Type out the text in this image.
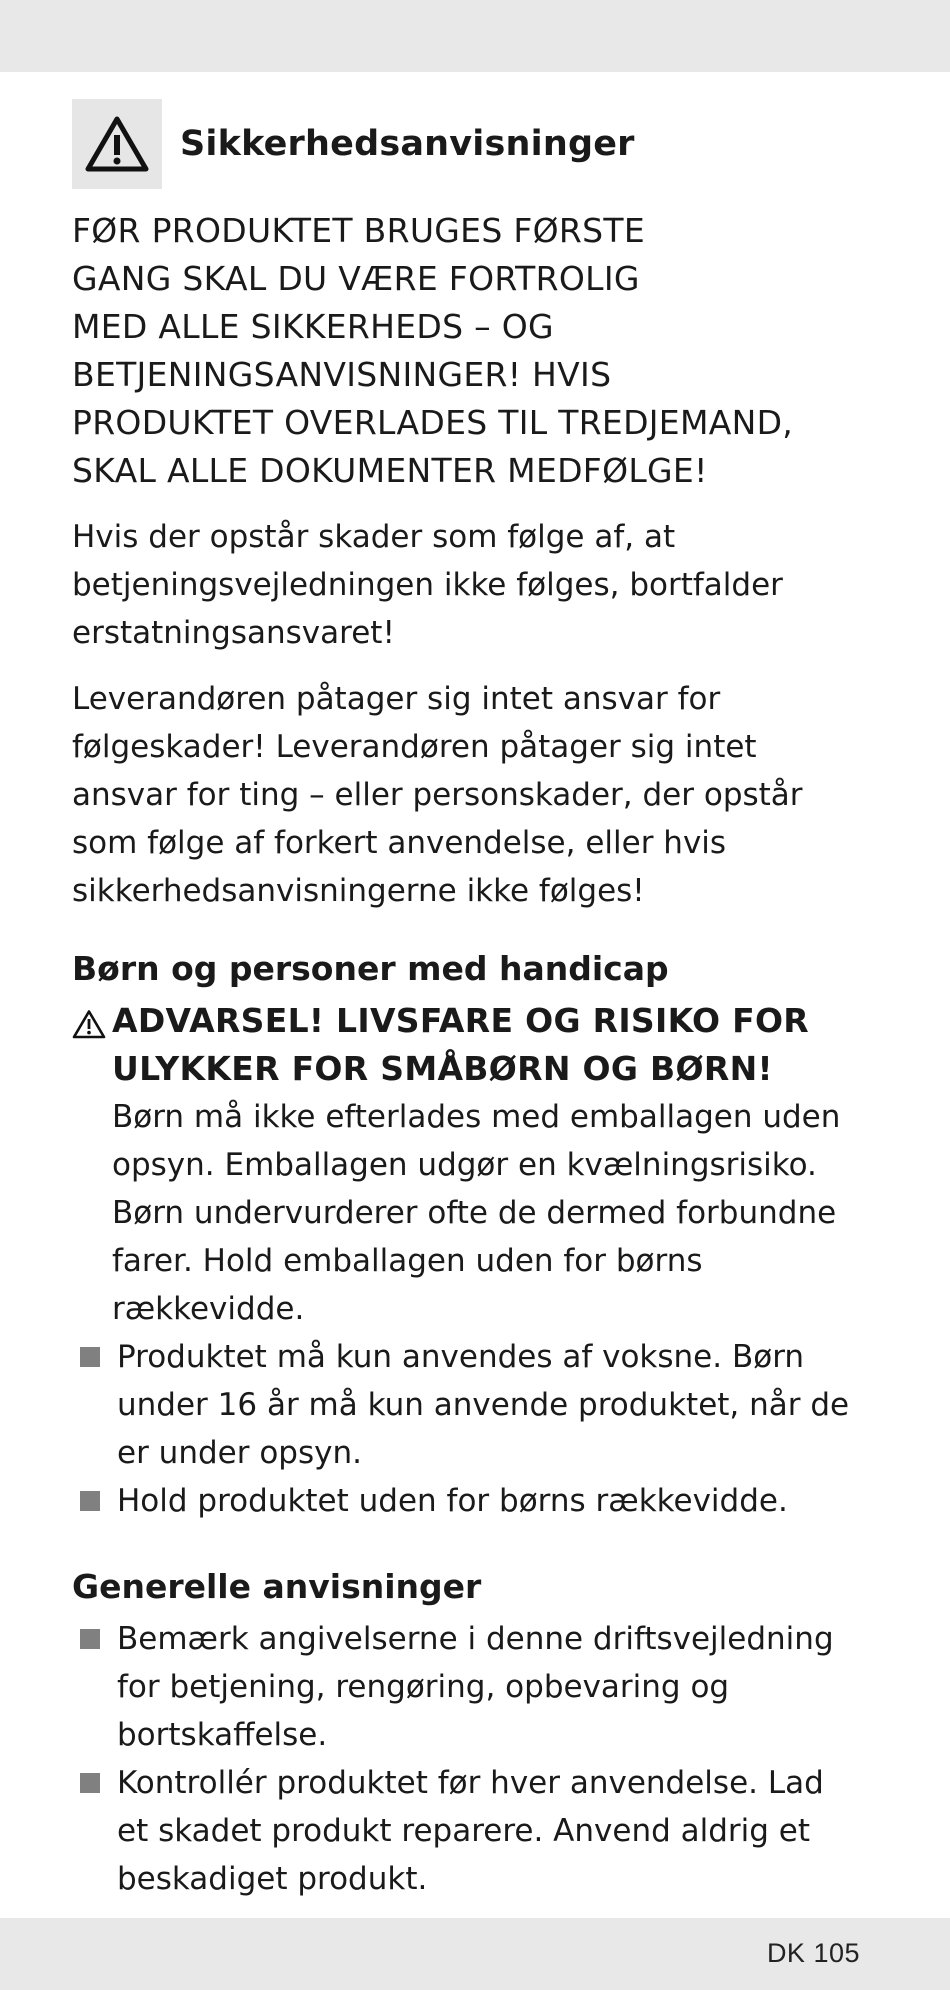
Sikkerhedsanvisninger
FØR PRODUKTET BRUGES FØRSTE
GANG SKAL DU VÆRE FORTROLIG
MED ALLE SIKKERHEDS – OG
BETJENINGSANVISNINGER! HVIS
PRODUKTET OVERLADES TIL TREDJEMAND,
SKAL ALLE DOKUMENTER MEDFØLGE!
Hvis der opstår skader som følge af, at
betjeningsvejledningen ikke følges, bortfalder
erstatningsansvaret!
Leverandøren påtager sig intet ansvar for
følgeskader! Leverandøren påtager sig intet
ansvar for ting – eller personskader, der opstår
som følge af forkert anvendelse, eller hvis
sikkerhedsanvisningerne ikke følges!
Børn og personer med handicap
ADVARSEL! LIVSFARE OG RISIKO FOR
ULYKKER FOR SMÅBØRN OG BØRN!
Børn må ikke efterlades med emballagen uden
opsyn. Emballagen udgør en kvælningsrisiko.
Børn undervurderer ofte de dermed forbundne
farer. Hold emballagen uden for børns
rækkevidde.
Produktet må kun anvendes af voksne. Børn
under 16 år må kun anvende produktet, når de
er under opsyn.
Hold produktet uden for børns rækkevidde.
Generelle anvisninger
Bemærk angivelserne i denne driftsvejledning
for betjening, rengøring, opbevaring og
bortskaffelse.
Kontrollér produktet før hver anvendelse. Lad
et skadet produkt reparere. Anvend aldrig et
beskadiget produkt.
DK 105
